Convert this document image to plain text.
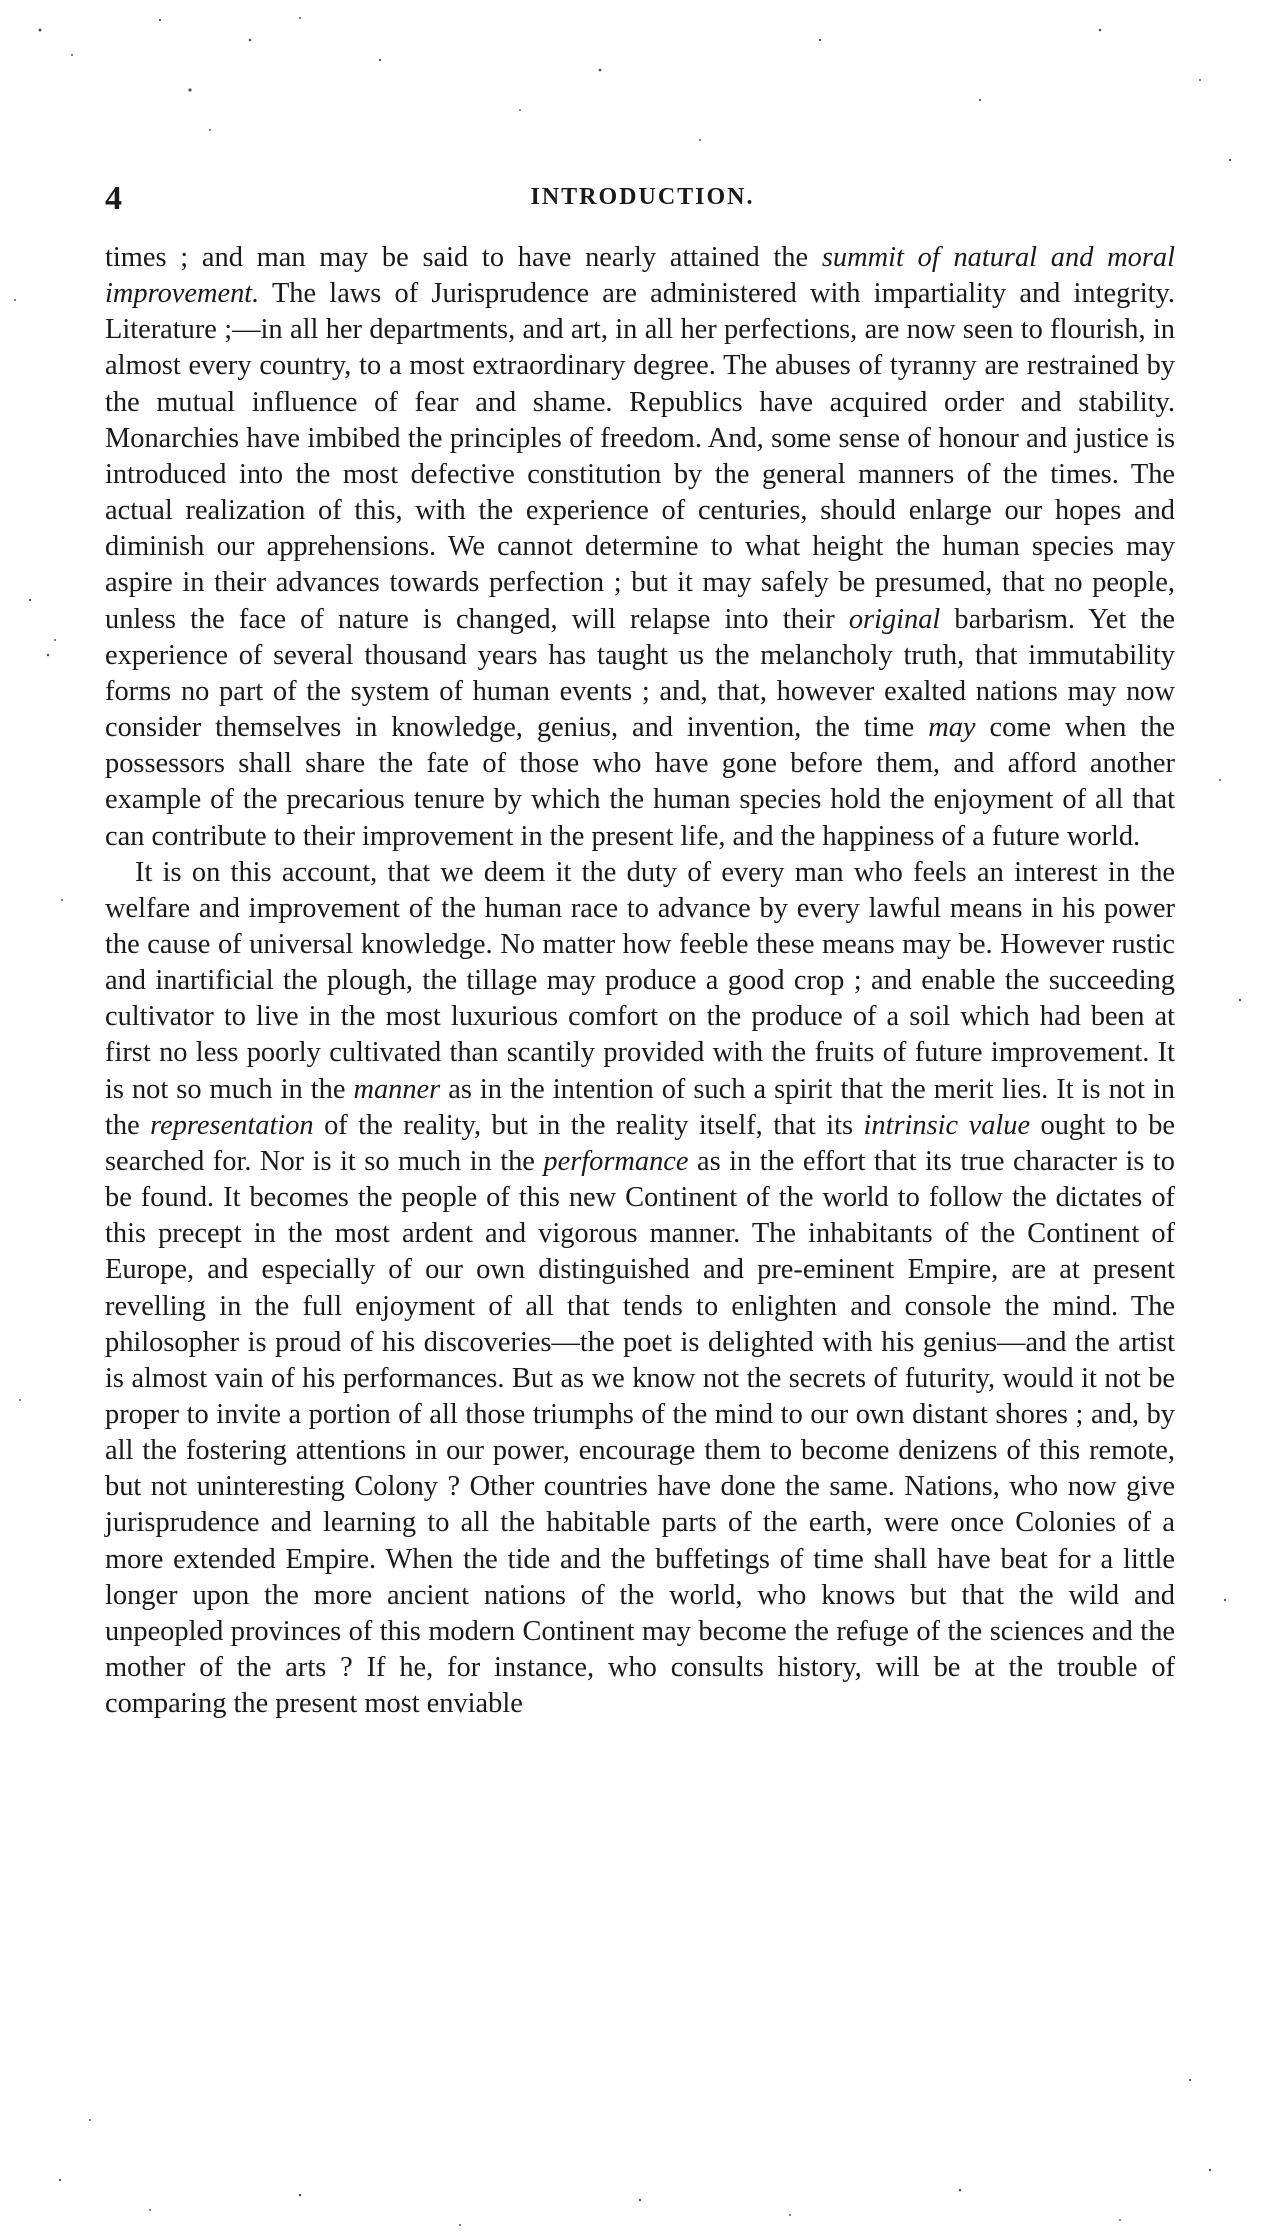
4	INTRODUCTION.

times ; and man may be said to have nearly attained the summit of natural and moral improvement. The laws of Jurisprudence are administered with impartiality and integrity. Literature ;—in all her departments, and art, in all her perfections, are now seen to flourish, in almost every country, to a most extraordinary degree. The abuses of tyranny are restrained by the mutual influence of fear and shame. Republics have acquired order and stability. Monarchies have imbibed the principles of freedom. And, some sense of honour and justice is introduced into the most defective constitution by the general manners of the times. The actual realization of this, with the experience of centuries, should enlarge our hopes and diminish our apprehensions. We cannot determine to what height the human species may aspire in their advances towards perfection ; but it may safely be presumed, that no people, unless the face of nature is changed, will relapse into their original barbarism. Yet the experience of several thousand years has taught us the melancholy truth, that immutability forms no part of the system of human events ; and, that, however exalted nations may now consider themselves in knowledge, genius, and invention, the time may come when the possessors shall share the fate of those who have gone before them, and afford another example of the precarious tenure by which the human species hold the enjoyment of all that can contribute to their improvement in the present life, and the happiness of a future world.

It is on this account, that we deem it the duty of every man who feels an interest in the welfare and improvement of the human race to advance by every lawful means in his power the cause of universal knowledge. No matter how feeble these means may be. However rustic and inartificial the plough, the tillage may produce a good crop ; and enable the succeeding cultivator to live in the most luxurious comfort on the produce of a soil which had been at first no less poorly cultivated than scantily provided with the fruits of future improvement. It is not so much in the manner as in the intention of such a spirit that the merit lies. It is not in the representation of the reality, but in the reality itself, that its intrinsic value ought to be searched for. Nor is it so much in the performance as in the effort that its true character is to be found. It becomes the people of this new Continent of the world to follow the dictates of this precept in the most ardent and vigorous manner. The inhabitants of the Continent of Europe, and especially of our own distinguished and pre-eminent Empire, are at present revelling in the full enjoyment of all that tends to enlighten and console the mind. The philosopher is proud of his discoveries—the poet is delighted with his genius—and the artist is almost vain of his performances. But as we know not the secrets of futurity, would it not be proper to invite a portion of all those triumphs of the mind to our own distant shores ; and, by all the fostering attentions in our power, encourage them to become denizens of this remote, but not uninteresting Colony ? Other countries have done the same. Nations, who now give jurisprudence and learning to all the habitable parts of the earth, were once Colonies of a more extended Empire. When the tide and the buffetings of time shall have beat for a little longer upon the more ancient nations of the world, who knows but that the wild and unpeopled provinces of this modern Continent may become the refuge of the sciences and the mother of the arts ? If he, for instance, who consults history, will be at the trouble of comparing the present most enviable
